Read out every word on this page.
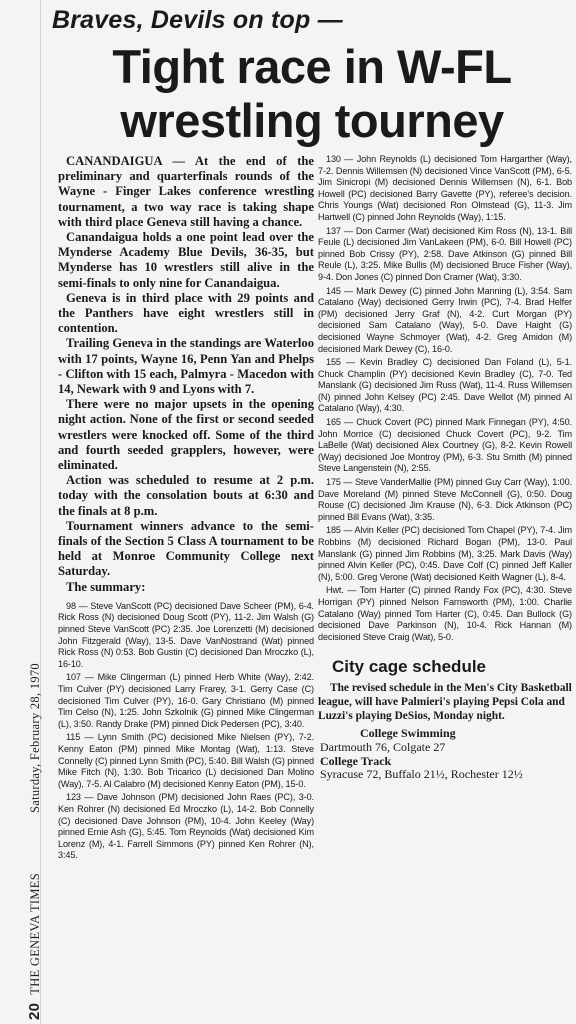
20THE GENEVA TIMESSaturday, February 28, 1970
Braves, Devils on top —
Tight race in W-FL
wrestling tourney

CANANDAIGUA — At the end of the preliminary and quarterfinals rounds of the Wayne - Finger Lakes conference wrestling tournament, a two way race is taking shape with third place Geneva still having a chance.

Canandaigua holds a one point lead over the Mynderse Academy Blue Devils, 36-35, but Mynderse has 10 wrestlers still alive in the semi-finals to only nine for Canandaigua.

Geneva is in third place with 29 points and the Panthers have eight wrestlers still in contention.

Trailing Geneva in the standings are Waterloo with 17 points, Wayne 16, Penn Yan and Phelps - Clifton with 15 each, Palmyra - Macedon with 14, Newark with 9 and Lyons with 7.

There were no major upsets in the opening night action. None of the first or second seeded wrestlers were knocked off. Some of the third and fourth seeded grapplers, however, were eliminated.

Action was scheduled to resume at 2 p.m. today with the consolation bouts at 6:30 and the finals at 8 p.m.

Tournament winners advance to the semi-finals of the Section 5 Class A tournament to be held at Monroe Community College next Saturday.

The summary:

98 — Steve VanScott (PC) decisioned Dave Scheer (PM), 6-4. Rick Ross (N) decisioned Doug Scott (PY), 11-2. Jim Walsh (G) pinned Steve VanScott (PC) 2:35. Joe Lorenzetti (M) decisioned John Fitzgerald (Way), 13-5. Dave VanNostrand (Wat) pinned Rick Ross (N) 0:53. Bob Gustin (C) decisioned Dan Mroczko (L), 16-10.

107 — Mike Clingerman (L) pinned Herb White (Way), 2:42. Tim Culver (PY) decisioned Larry Frarey, 3-1. Gerry Case (C) decisioned Tim Culver (PY), 16-0. Gary Christiano (M) pinned Tim Celso (N), 1:25. John Szkolnik (G) pinned Mike Clingerman (L), 3:50. Randy Drake (PM) pinned Dick Pedersen (PC), 3:40.

115 — Lynn Smith (PC) decisioned Mike Nielsen (PY), 7-2. Kenny Eaton (PM) pinned Mike Montag (Wat), 1:13. Steve Connelly (C) pinned Lynn Smith (PC), 5:40. Bill Walsh (G) pinned Mike Fitch (N), 1:30. Bob Tricarico (L) decisioned Dan Molino (Way), 7-5. Al Calabro (M) decisioned Kenny Eaton (PM), 15-0.

123 — Dave Johnson (PM) decisioned John Raes (PC), 3-0. Ken Rohrer (N) decisioned Ed Mroczko (L), 14-2. Bob Connelly (C) decisioned Dave Johnson (PM), 10-4. John Keeley (Way) pinned Ernie Ash (G), 5:45. Tom Reynolds (Wat) decisioned Kim Lorenz (M), 4-1. Farrell Simmons (PY) pinned Ken Rohrer (N), 3:45.

130 — John Reynolds (L) decisioned Tom Hargarther (Way), 7-2. Dennis Willemsen (N) decisioned Vince VanScott (PM), 6-5. Jim Sinicropi (M) decisioned Dennis Willemsen (N), 6-1. Bob Howell (PC) decisioned Barry Gavette (PY), referee's decision. Chris Youngs (Wat) decisioned Ron Olmstead (G), 11-3. Jim Hartwell (C) pinned John Reynolds (Way), 1:15.

137 — Don Carmer (Wat) decisioned Kim Ross (N), 13-1. Bill Feule (L) decisioned Jim VanLakeen (PM), 6-0. Bill Howell (PC) pinned Bob Crissy (PY), 2:58. Dave Atkinson (G) pinned Bill Reule (L), 3:25. Mike Bullis (M) decisioned Bruce Fisher (Way), 9-4. Don Jones (C) pinned Don Cramer (Wat), 3:30.

145 — Mark Dewey (C) pinned John Manning (L), 3:54. Sam Catalano (Way) decisioned Gerry Irwin (PC), 7-4. Brad Helfer (PM) decisioned Jerry Graf (N), 4-2. Curt Morgan (PY) decisioned Sam Catalano (Way), 5-0. Dave Haight (G) decisioned Wayne Schmoyer (Wat), 4-2. Greg Amidon (M) decisioned Mark Dewey (C), 16-0.

155 — Kevin Bradley C) decisioned Dan Foland (L), 5-1. Chuck Champlin (PY) decisioned Kevin Bradley (C), 7-0. Ted Manslank (G) decisioned Jim Russ (Wat), 11-4. Russ Willemsen (N) pinned John Kelsey (PC) 2:45. Dave Wellot (M) pinned Al Catalano (Way), 4:30.

165 — Chuck Covert (PC) pinned Mark Finnegan (PY), 4:50. John Morrice (C) decisioned Chuck Covert (PC), 9-2. Tim LaBelle (Wat) decisioned Alex Courtney (G), 8-2. Kevin Rowell (Way) decisioned Joe Montroy (PM), 6-3. Stu Smith (M) pinned Steve Langenstein (N), 2:55.

175 — Steve VanderMallie (PM) pinned Guy Carr (Way), 1:00. Dave Moreland (M) pinned Steve McConnell (G), 0:50. Doug Rouse (C) decisioned Jim Krause (N), 6-3. Dick Atkinson (PC) pinned Bill Evans (Wat), 3:35.

185 — Alvin Keller (PC) decisioned Tom Chapel (PY), 7-4. Jim Robbins (M) decisioned Richard Bogan (PM), 13-0. Paul Manslank (G) pinned Jim Robbins (M), 3:25. Mark Davis (Way) pinned Alvin Keller (PC), 0:45. Dave Colf (C) pinned Jeff Kaller (N), 5:00. Greg Verone (Wat) decisioned Keith Wagner (L), 8-4.

Hwt. — Tom Harter (C) pinned Randy Fox (PC), 4:30. Steve Horrigan (PY) pinned Nelson Farnsworth (PM), 1:00. Charlie Catalano (Way) pinned Tom Harter (C), 0:45. Dan Bullock (G) decisioned Dave Parkinson (N), 10-4. Rick Hannan (M) decisioned Steve Craig (Wat), 5-0.

City cage schedule

The revised schedule in the Men's City Basketball league, will have Palmieri's playing Pepsi Cola and Luzzi's playing DeSios, Monday night.

College Swimming
Dartmouth 76, Colgate 27
College Track
Syracuse 72, Buffalo 21½, Rochester 12½
